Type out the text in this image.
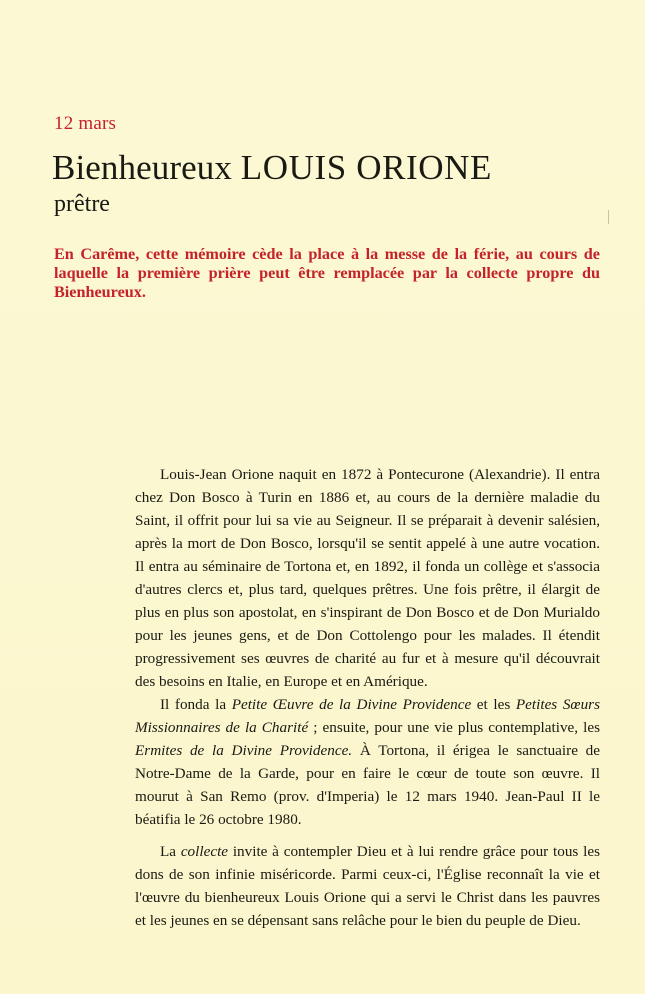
12 mars
Bienheureux LOUIS ORIONE
prêtre
En Carême, cette mémoire cède la place à la messe de la férie, au cours de laquelle la première prière peut être remplacée par la collecte propre du Bienheureux.

Louis-Jean Orione naquit en 1872 à Pontecurone (Alexandrie). Il entra chez Don Bosco à Turin en 1886 et, au cours de la dernière maladie du Saint, il offrit pour lui sa vie au Seigneur. Il se préparait à devenir salésien, après la mort de Don Bosco, lorsqu'il se sentit appelé à une autre vocation. Il entra au séminaire de Tortona et, en 1892, il fonda un collège et s'associa d'autres clercs et, plus tard, quelques prêtres. Une fois prêtre, il élargit de plus en plus son apostolat, en s'inspirant de Don Bosco et de Don Murialdo pour les jeunes gens, et de Don Cottolengo pour les malades. Il étendit progressivement ses œuvres de charité au fur et à mesure qu'il découvrait des besoins en Italie, en Europe et en Amérique.

Il fonda la Petite Œuvre de la Divine Providence et les Petites Sœurs Missionnaires de la Charité ; ensuite, pour une vie plus contemplative, les Ermites de la Divine Providence. À Tortona, il érigea le sanctuaire de Notre-Dame de la Garde, pour en faire le cœur de toute son œuvre. Il mourut à San Remo (prov. d'Imperia) le 12 mars 1940. Jean-Paul II le béatifia le 26 octobre 1980.

La collecte invite à contempler Dieu et à lui rendre grâce pour tous les dons de son infinie miséricorde. Parmi ceux-ci, l'Église reconnaît la vie et l'œuvre du bienheureux Louis Orione qui a servi le Christ dans les pauvres et les jeunes en se dépensant sans relâche pour le bien du peuple de Dieu.
